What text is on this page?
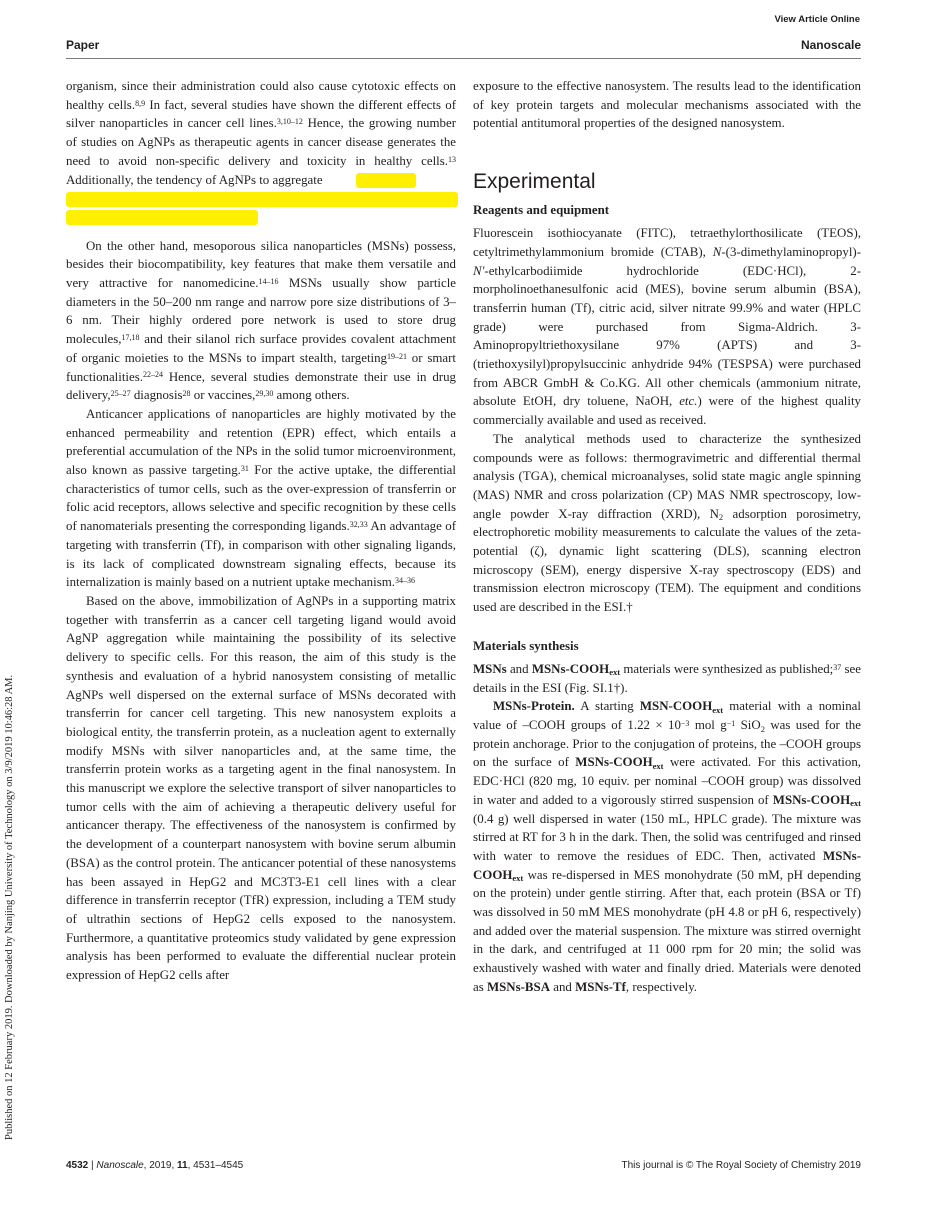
View Article Online
Paper	Nanoscale
Published on 12 February 2019. Downloaded by Nanjing University of Technology on 3/9/2019 10:46:28 AM.

organism, since their administration could also cause cytotoxic effects on healthy cells.$^{8,9}$ In fact, several studies have shown the different effects of silver nanoparticles in cancer cell lines.$^{3,10-12}$ Hence, the growing number of studies on AgNPs as therapeutic agents in cancer disease generates the need to avoid non-specific delivery and toxicity in healthy cells.$^{13}$ Additionally, the tendency of AgNPs to aggregate

On the other hand, mesoporous silica nanoparticles (MSNs) possess, besides their biocompatibility, key features that make them versatile and very attractive for nanomedicine.$^{14-16}$ MSNs usually show particle diameters in the 50–200 nm range and narrow pore size distributions of 3–6 nm. Their highly ordered pore network is used to store drug molecules,$^{17,18}$ and their silanol rich surface provides covalent attachment of organic moieties to the MSNs to impart stealth, targeting$^{19-21}$ or smart functionalities.$^{22-24}$ Hence, several studies demonstrate their use in drug delivery,$^{25-27}$ diagnosis$^{28}$ or vaccines,$^{29,30}$ among others.

Anticancer applications of nanoparticles are highly motivated by the enhanced permeability and retention (EPR) effect, which entails a preferential accumulation of the NPs in the solid tumor microenvironment, also known as passive targeting.$^{31}$ For the active uptake, the differential characteristics of tumor cells, such as the over-expression of transferrin or folic acid receptors, allows selective and specific recognition by these cells of nanomaterials presenting the corresponding ligands.$^{32,33}$ An advantage of targeting with transferrin (Tf), in comparison with other signaling ligands, is its lack of complicated downstream signaling effects, because its internalization is mainly based on a nutrient uptake mechanism.$^{34-36}$

Based on the above, immobilization of AgNPs in a supporting matrix together with transferrin as a cancer cell targeting ligand would avoid AgNP aggregation while maintaining the possibility of its selective delivery to specific cells. For this reason, the aim of this study is the synthesis and evaluation of a hybrid nanosystem consisting of metallic AgNPs well dispersed on the external surface of MSNs decorated with transferrin for cancer cell targeting. This new nanosystem exploits a biological entity, the transferrin protein, as a nucleation agent to externally modify MSNs with silver nanoparticles and, at the same time, the transferrin protein works as a targeting agent in the final nanosystem. In this manuscript we explore the selective transport of silver nanoparticles to tumor cells with the aim of achieving a therapeutic delivery useful for anticancer therapy. The effectiveness of the nanosystem is confirmed by the development of a counterpart nanosystem with bovine serum albumin (BSA) as the control protein. The anticancer potential of these nanosystems has been assayed in HepG2 and MC3T3-E1 cell lines with a clear difference in transferrin receptor (TfR) expression, including a TEM study of ultrathin sections of HepG2 cells exposed to the nanosystem. Furthermore, a quantitative proteomics study validated by gene expression analysis has been performed to evaluate the differential nuclear protein expression of HepG2 cells after

exposure to the effective nanosystem. The results lead to the identification of key protein targets and molecular mechanisms associated with the potential antitumoral properties of the designed nanosystem.

Experimental
Reagents and equipment

Fluorescein isothiocyanate (FITC), tetraethylorthosilicate (TEOS), cetyltrimethylammonium bromide (CTAB), N-(3-dimethylaminopropyl)-N′-ethylcarbodiimide hydrochloride (EDC·HCl), 2-morpholinoethanesulfonic acid (MES), bovine serum albumin (BSA), transferrin human (Tf), citric acid, silver nitrate 99.9% and water (HPLC grade) were purchased from Sigma-Aldrich. 3-Aminopropyltriethoxysilane 97% (APTS) and 3-(triethoxysilyl)propylsuccinic anhydride 94% (TESPSA) were purchased from ABCR GmbH & Co.KG. All other chemicals (ammonium nitrate, absolute EtOH, dry toluene, NaOH, etc.) were of the highest quality commercially available and used as received.

The analytical methods used to characterize the synthesized compounds were as follows: thermogravimetric and differential thermal analysis (TGA), chemical microanalyses, solid state magic angle spinning (MAS) NMR and cross polarization (CP) MAS NMR spectroscopy, low-angle powder X-ray diffraction (XRD), $N_2$ adsorption porosimetry, electrophoretic mobility measurements to calculate the values of the zeta-potential (ζ), dynamic light scattering (DLS), scanning electron microscopy (SEM), energy dispersive X-ray spectroscopy (EDS) and transmission electron microscopy (TEM). The equipment and conditions used are described in the ESI.†

Materials synthesis

MSNs and MSNs-$COOH_{ext}$ materials were synthesized as published;$^{37}$ see details in the ESI (Fig. SI.1†).

MSNs-Protein. A starting MSN-$COOH_{ext}$ material with a nominal value of –COOH groups of $1.22 \times 10^{-3}$ mol $g^{-1}$ SiO$_2$ was used for the protein anchorage. Prior to the conjugation of proteins, the –COOH groups on the surface of MSNs-$COOH_{ext}$ were activated. For this activation, EDC·HCl (820 mg, 10 equiv. per nominal –COOH group) was dissolved in water and added to a vigorously stirred suspension of MSNs-$COOH_{ext}$ (0.4 g) well dispersed in water (150 mL, HPLC grade). The mixture was stirred at RT for 3 h in the dark. Then, the solid was centrifuged and rinsed with water to remove the residues of EDC. Then, activated MSNs-$COOH_{ext}$ was re-dispersed in MES monohydrate (50 mM, pH depending on the protein) under gentle stirring. After that, each protein (BSA or Tf) was dissolved in 50 mM MES monohydrate (pH 4.8 or pH 6, respectively) and added over the material suspension. The mixture was stirred overnight in the dark, and centrifuged at 11 000 rpm for 20 min; the solid was exhaustively washed with water and finally dried. Materials were denoted as MSNs-BSA and MSNs-Tf, respectively.

4532 | Nanoscale, 2019, 11, 4531–4545	This journal is © The Royal Society of Chemistry 2019
